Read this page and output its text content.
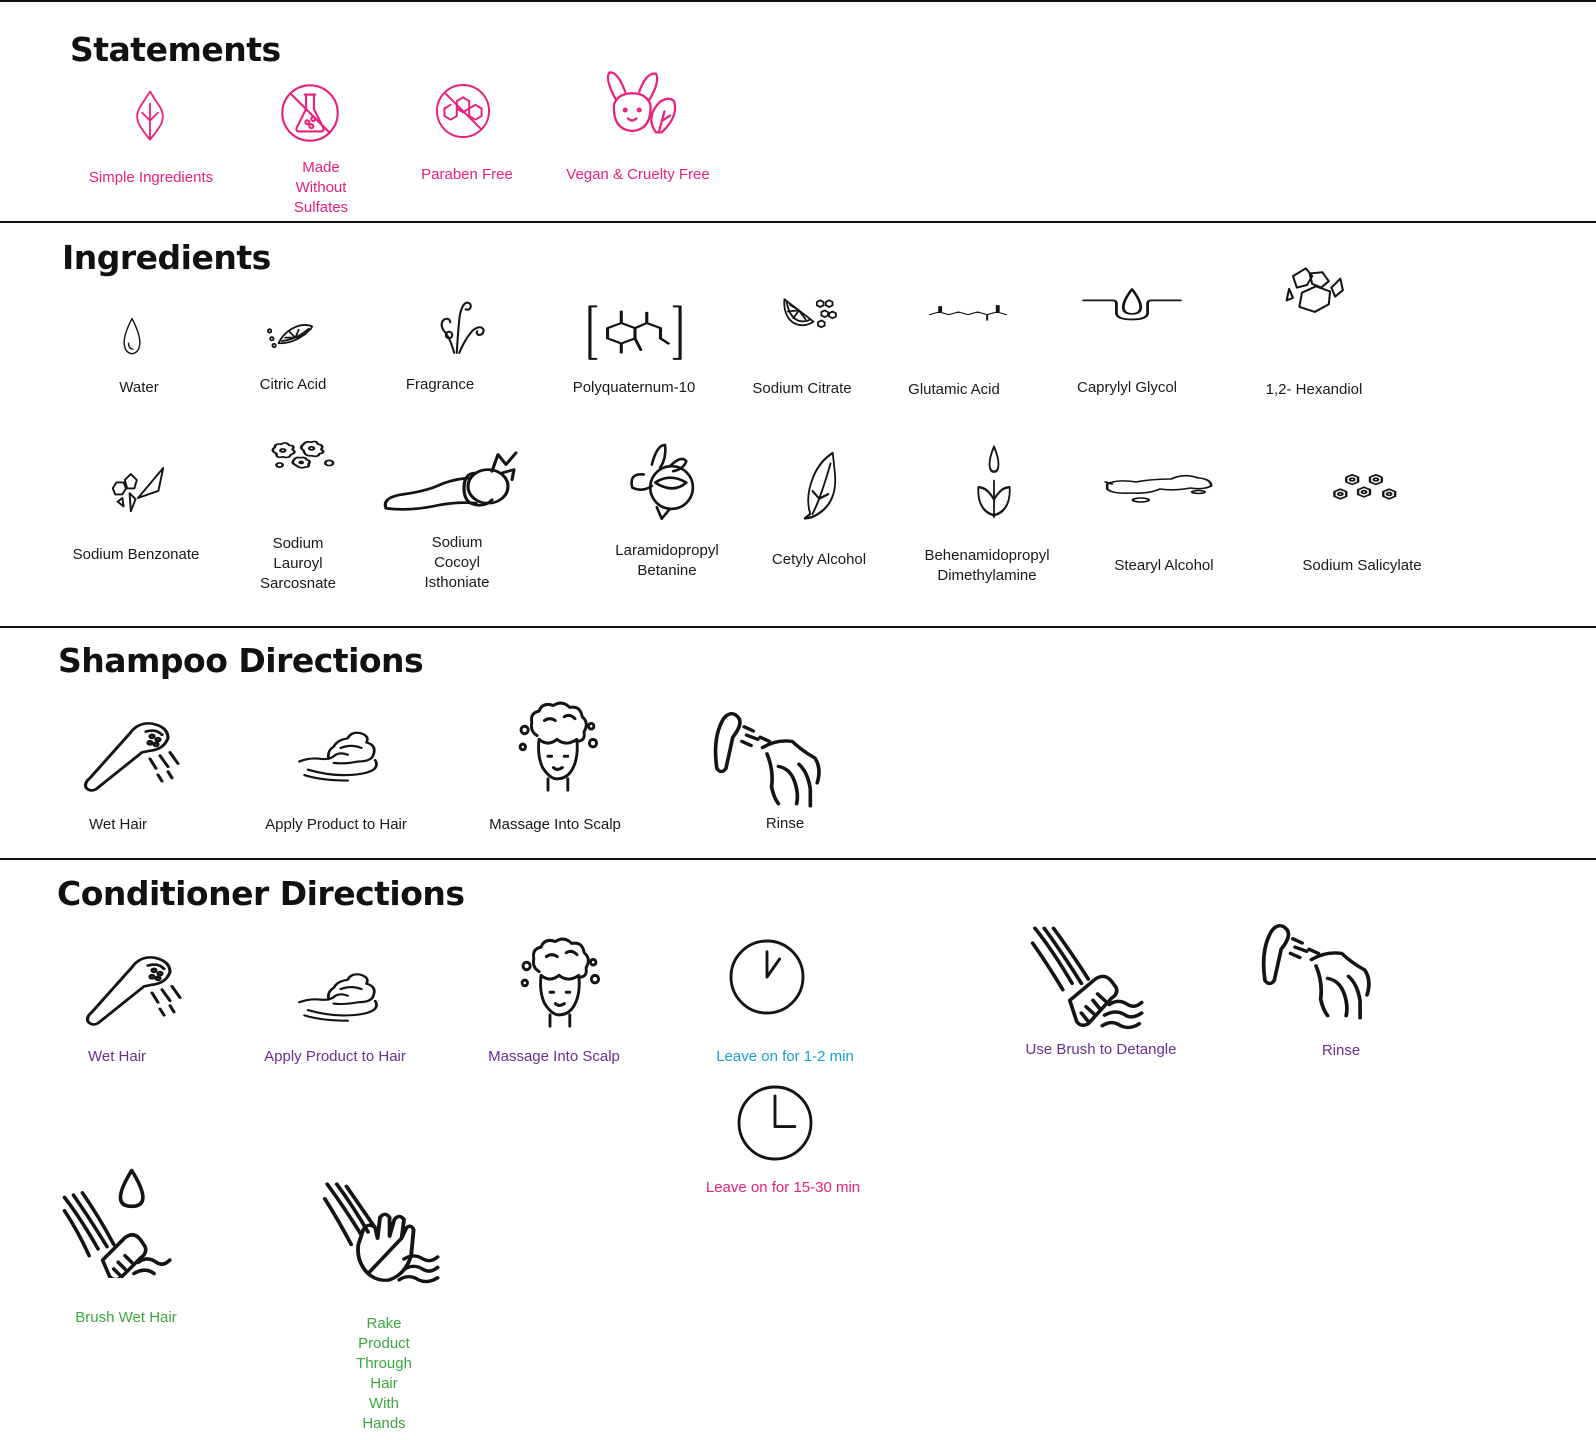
Statements
Simple Ingredients
Made Without
Sulfates
Paraben Free	Vegan & Cruelty Free
Ingredients
Water	Citric Acid	Fragrance	Polyquaternum-10	Sodium Citrate	Glutamic Acid	Caprylyl Glycol	1,2- Hexandiol
Sodium Benzonate
Sodium Lauroyl
Sarcosnate
Sodium Cocoyl
Isthoniate
Laramidopropyl
Betanine
Cetyly Alcohol	Behenamidopropyl
Dimethylamine
Stearyl Alcohol	Sodium Salicylate
Shampoo Directions
Wet Hair	Apply Product to Hair	Massage Into Scalp	Rinse
Conditioner Directions
Wet Hair	Apply Product to Hair	Massage Into Scalp	Leave on for 1-2 min	Use Brush to Detangle	Rinse
Leave on for 15-30 min
Brush Wet Hair	Rake Product Through
Hair With Hands
